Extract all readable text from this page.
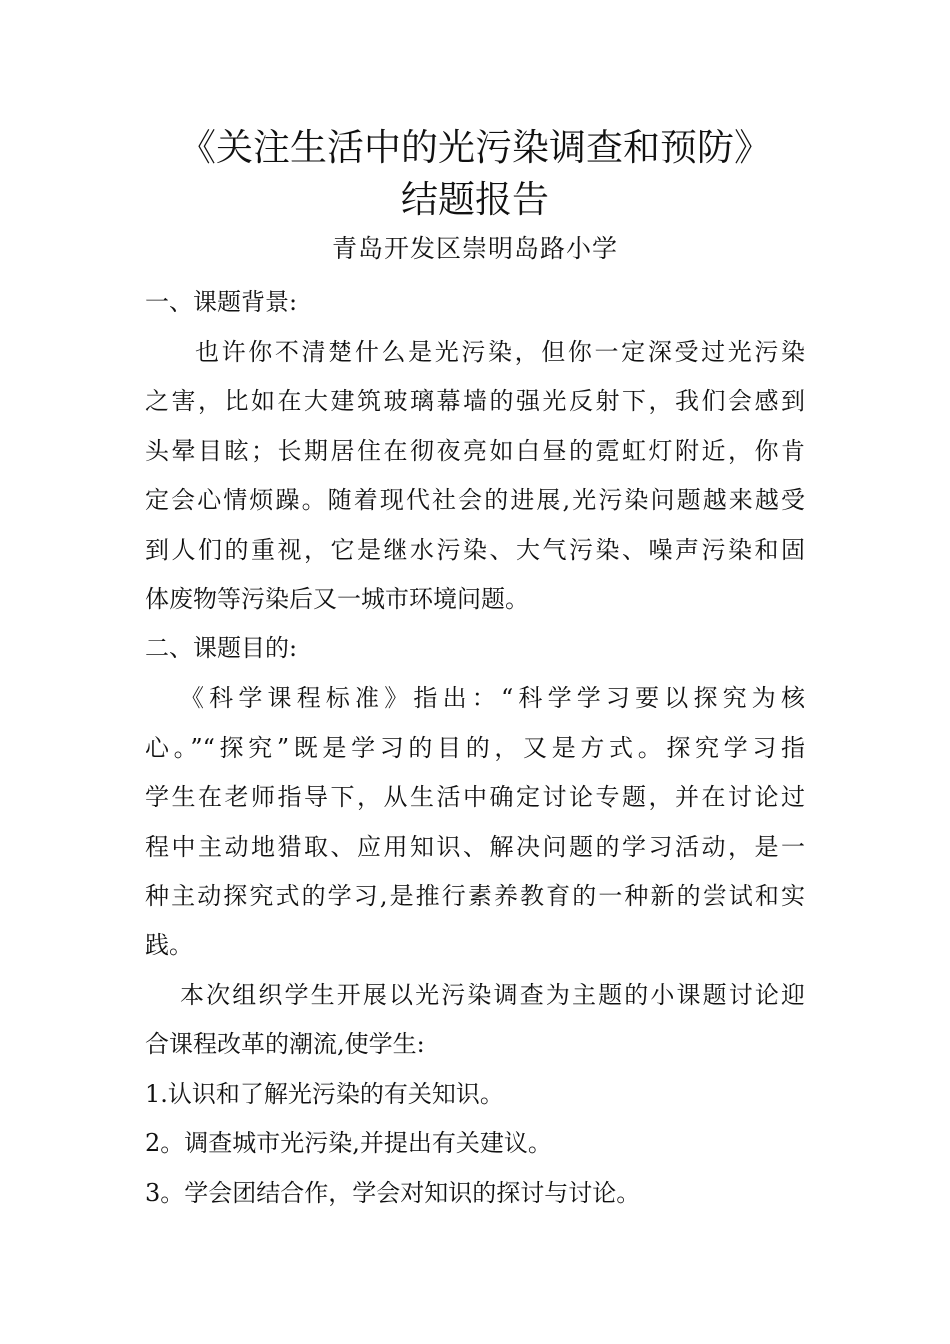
《关注生活中的光污染调查和预防》
结题报告
青岛开发区崇明岛路小学
一、课题背景:
也许你不清楚什么是光污染，但你一定深受过光污染
之害，比如在大建筑玻璃幕墙的强光反射下，我们会感到
头晕目眩；长期居住在彻夜亮如白昼的霓虹灯附近，你肯
定会心情烦躁。随着现代社会的进展,光污染问题越来越受
到人们的重视，它是继水污染、大气污染、噪声污染和固
体废物等污染后又一城市环境问题。
二、课题目的:
《科学课程标准》指出：“科学学习要以探究为核
心。”“探究”既是学习的目的，又是方式。探究学习指
学生在老师指导下，从生活中确定讨论专题，并在讨论过
程中主动地猎取、应用知识、解决问题的学习活动，是一
种主动探究式的学习,是推行素养教育的一种新的尝试和实
践。
本次组织学生开展以光污染调查为主题的小课题讨论迎
合课程改革的潮流,使学生:
1.认识和了解光污染的有关知识。
2。调查城市光污染,并提出有关建议。
3。学会团结合作，学会对知识的探讨与讨论。
